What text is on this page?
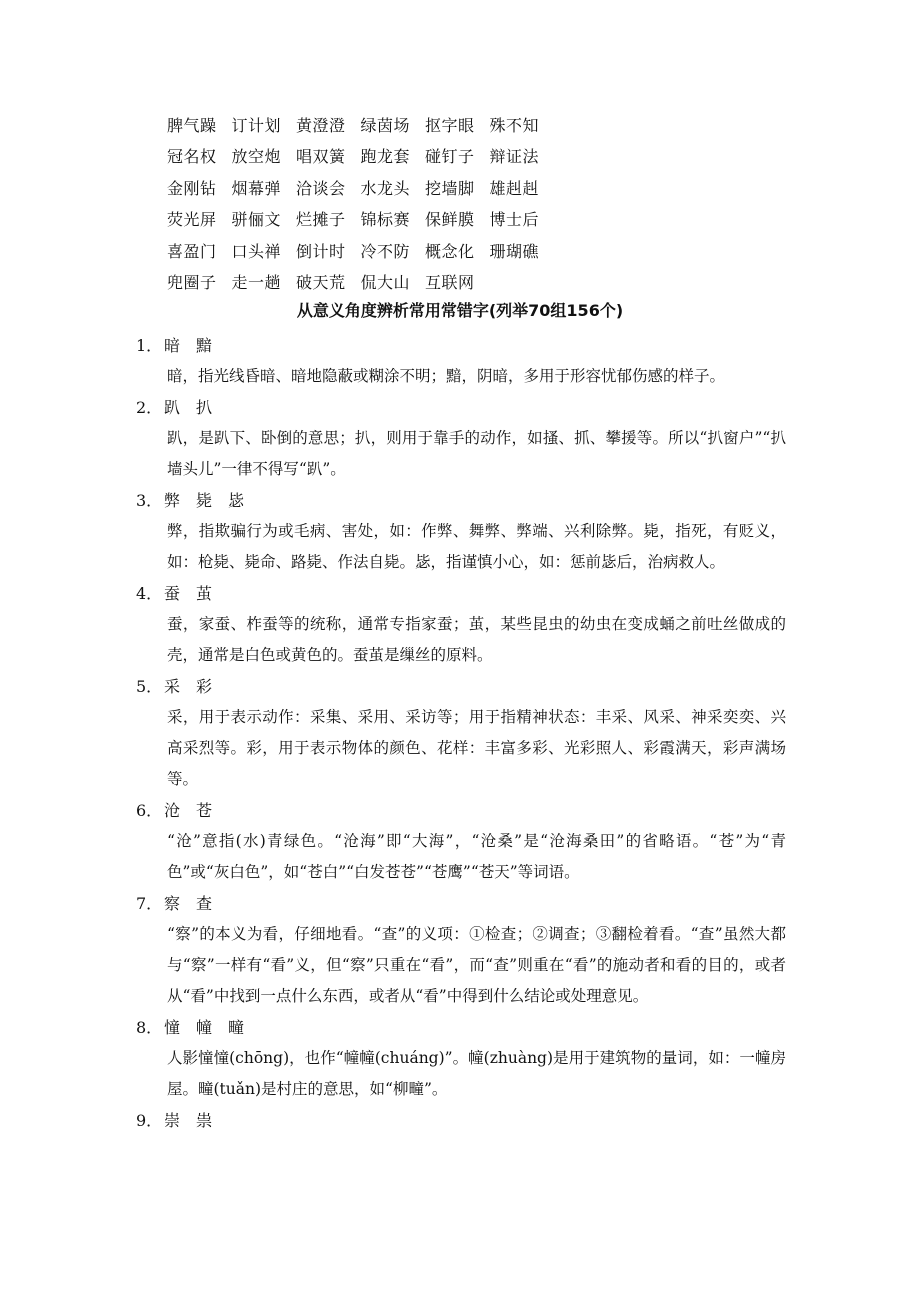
脾气躁 订计划 黄澄澄 绿茵场 抠字眼 殊不知
冠名权 放空炮 唱双簧 跑龙套 碰钉子 辩证法
金刚钻 烟幕弹 洽谈会 水龙头 挖墙脚 雄赳赳
荧光屏 骈俪文 烂摊子 锦标赛 保鲜膜 博士后
喜盈门 口头禅 倒计时 冷不防 概念化 珊瑚礁
兜圈子 走一趟 破天荒 侃大山 互联网
从意义角度辨析常用常错字(列举70组156个)
1． 暗　黯
暗，指光线昏暗、暗地隐蔽或糊涂不明；黯，阴暗，多用于形容忧郁伤感的样子。
2． 趴　扒
趴，是趴下、卧倒的意思；扒，则用于靠手的动作，如搔、抓、攀援等。所以“扒窗户”“扒墙头儿”一律不得写“趴”。
3． 弊　毙　毖
弊，指欺骗行为或毛病、害处，如：作弊、舞弊、弊端、兴利除弊。毙，指死，有贬义，如：枪毙、毙命、路毙、作法自毙。毖，指谨慎小心，如：惩前毖后，治病救人。
4． 蚕　茧
蚕，家蚕、柞蚕等的统称，通常专指家蚕；茧，某些昆虫的幼虫在变成蛹之前吐丝做成的壳，通常是白色或黄色的。蚕茧是缫丝的原料。
5． 采　彩
采，用于表示动作：采集、采用、采访等；用于指精神状态：丰采、风采、神采奕奕、兴高采烈等。彩，用于表示物体的颜色、花样：丰富多彩、光彩照人、彩霞满天，彩声满场等。
6． 沧　苍
“沧”意指(水)青绿色。“沧海”即“大海”，“沧桑”是“沧海桑田”的省略语。“苍”为“青色”或“灰白色”，如“苍白”“白发苍苍”“苍鹰”“苍天”等词语。
7． 察　查
“察”的本义为看，仔细地看。“查”的义项：①检查；②调查；③翻检着看。“查”虽然大都与“察”一样有“看”义，但“察”只重在“看”，而“查”则重在“看”的施动者和看的目的，或者从“看”中找到一点什么东西，或者从“看”中得到什么结论或处理意见。
8． 憧　幢　疃
人影憧憧(chōng)，也作“幢幢(chuáng)”。幢(zhuàng)是用于建筑物的量词，如：一幢房屋。疃(tuǎn)是村庄的意思，如“柳疃”。
9． 崇　祟
